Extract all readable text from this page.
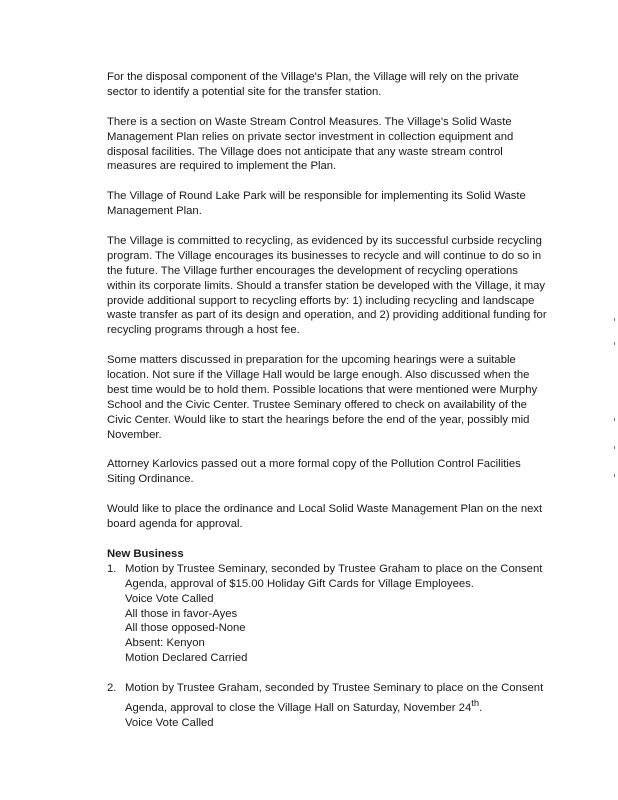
For the disposal component of the Village's Plan, the Village will rely on the private sector to identify a potential site for the transfer station.

There is a section on Waste Stream Control Measures. The Village's Solid Waste Management Plan relies on private sector investment in collection equipment and disposal facilities. The Village does not anticipate that any waste stream control measures are required to implement the Plan.

The Village of Round Lake Park will be responsible for implementing its Solid Waste Management Plan.

The Village is committed to recycling, as evidenced by its successful curbside recycling program. The Village encourages its businesses to recycle and will continue to do so in the future. The Village further encourages the development of recycling operations within its corporate limits. Should a transfer station be developed with the Village, it may provide additional support to recycling efforts by: 1) including recycling and landscape waste transfer as part of its design and operation, and 2) providing additional funding for recycling programs through a host fee.

Some matters discussed in preparation for the upcoming hearings were a suitable location. Not sure if the Village Hall would be large enough. Also discussed when the best time would be to hold them. Possible locations that were mentioned were Murphy School and the Civic Center. Trustee Seminary offered to check on availability of the Civic Center. Would like to start the hearings before the end of the year, possibly mid November.

Attorney Karlovics passed out a more formal copy of the Pollution Control Facilities Siting Ordinance.

Would like to place the ordinance and Local Solid Waste Management Plan on the next board agenda for approval.

New Business

1. Motion by Trustee Seminary, seconded by Trustee Graham to place on the Consent Agenda, approval of $15.00 Holiday Gift Cards for Village Employees.
Voice Vote Called
All those in favor-Ayes
All those opposed-None
Absent: Kenyon
Motion Declared Carried
2. Motion by Trustee Graham, seconded by Trustee Seminary to place on the Consent Agenda, approval to close the Village Hall on Saturday, November 24th.
Voice Vote Called
